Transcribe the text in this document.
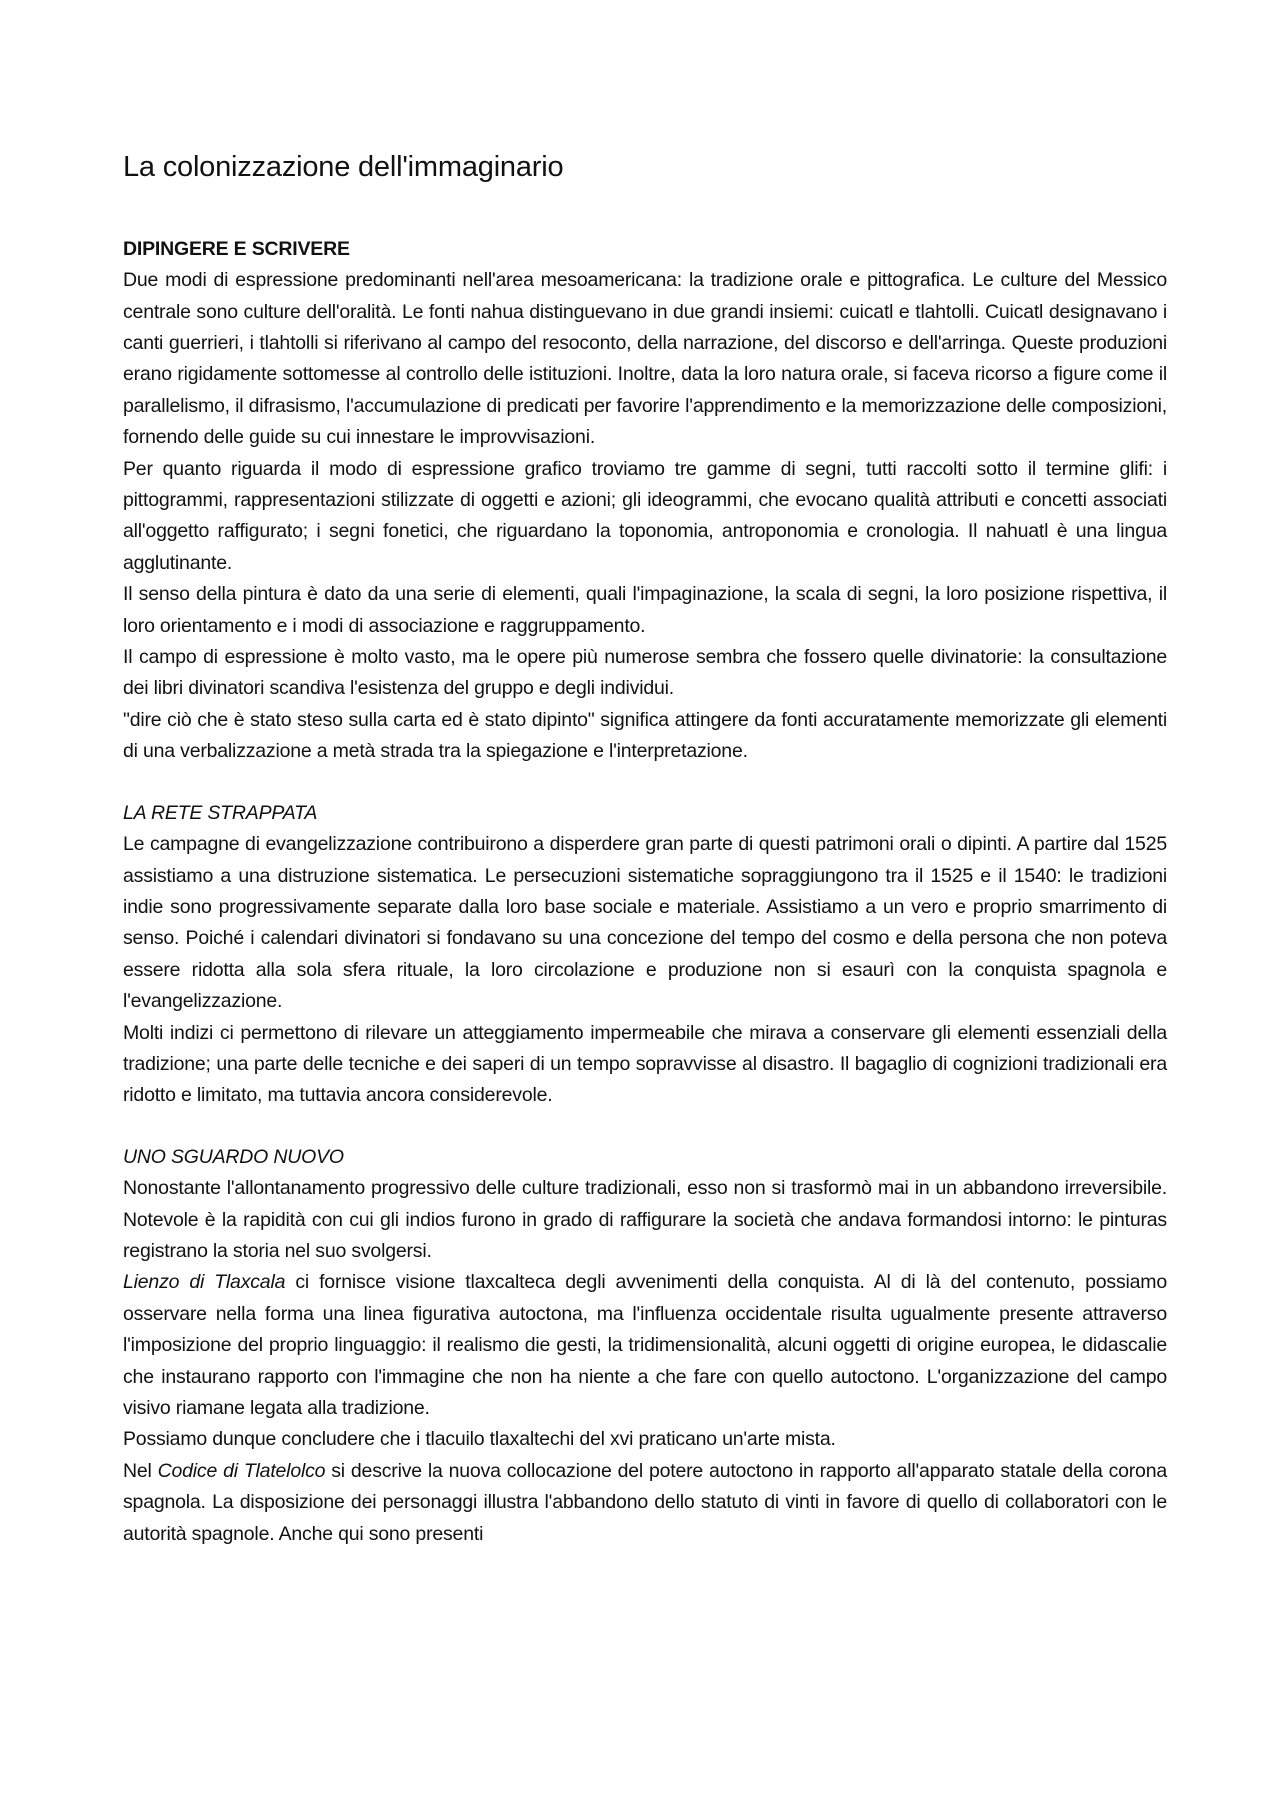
La colonizzazione dell'immaginario

DIPINGERE E SCRIVERE

Due modi di espressione predominanti nell'area mesoamericana: la tradizione orale e pittografica. Le culture del Messico centrale sono culture dell'oralità. Le fonti nahua distinguevano in due grandi insiemi: cuicatl e tlahtolli. Cuicatl designavano i canti guerrieri, i tlahtolli si riferivano al campo del resoconto, della narrazione, del discorso e dell'arringa. Queste produzioni erano rigidamente sottomesse al controllo delle istituzioni. Inoltre, data la loro natura orale, si faceva ricorso a figure come il parallelismo, il difrasismo, l'accumulazione di predicati per favorire l'apprendimento e la memorizzazione delle composizioni, fornendo delle guide su cui innestare le improvvisazioni.

Per quanto riguarda il modo di espressione grafico troviamo tre gamme di segni, tutti raccolti sotto il termine glifi: i pittogrammi, rappresentazioni stilizzate di oggetti e azioni; gli ideogrammi, che evocano qualità attributi e concetti associati all'oggetto raffigurato; i segni fonetici, che riguardano la toponomia, antroponomia e cronologia. Il nahuatl è una lingua agglutinante.

Il senso della pintura è dato da una serie di elementi, quali l'impaginazione, la scala di segni, la loro posizione rispettiva, il loro orientamento e i modi di associazione e raggruppamento.

Il campo di espressione è molto vasto, ma le opere più numerose sembra che fossero quelle divinatorie: la consultazione dei libri divinatori scandiva l'esistenza del gruppo e degli individui.

"dire ciò che è stato steso sulla carta ed è stato dipinto" significa attingere da fonti accuratamente memorizzate gli elementi di una verbalizzazione a metà strada tra la spiegazione e l'interpretazione.

LA RETE STRAPPATA

Le campagne di evangelizzazione contribuirono a disperdere gran parte di questi patrimoni orali o dipinti. A partire dal 1525 assistiamo a una distruzione sistematica. Le persecuzioni sistematiche sopraggiungono tra il 1525 e il 1540: le tradizioni indie sono progressivamente separate dalla loro base sociale e materiale. Assistiamo a un vero e proprio smarrimento di senso. Poiché i calendari divinatori si fondavano su una concezione del tempo del cosmo e della persona che non poteva essere ridotta alla sola sfera rituale, la loro circolazione e produzione non si esaurì con la conquista spagnola e l'evangelizzazione.

Molti indizi ci permettono di rilevare un atteggiamento impermeabile che mirava a conservare gli elementi essenziali della tradizione; una parte delle tecniche e dei saperi di un tempo sopravvisse al disastro. Il bagaglio di cognizioni tradizionali era ridotto e limitato, ma tuttavia ancora considerevole.

UNO SGUARDO NUOVO

Nonostante l'allontanamento progressivo delle culture tradizionali, esso non si trasformò mai in un abbandono irreversibile. Notevole è la rapidità con cui gli indios furono in grado di raffigurare la società che andava formandosi intorno: le pinturas registrano la storia nel suo svolgersi.

Lienzo di Tlaxcala ci fornisce visione tlaxcalteca degli avvenimenti della conquista. Al di là del contenuto, possiamo osservare nella forma una linea figurativa autoctona, ma l'influenza occidentale risulta ugualmente presente attraverso l'imposizione del proprio linguaggio: il realismo die gesti, la tridimensionalità, alcuni oggetti di origine europea, le didascalie che instaurano rapporto con l'immagine che non ha niente a che fare con quello autoctono. L'organizzazione del campo visivo riamane legata alla tradizione.

Possiamo dunque concludere che i tlacuilo tlaxaltechi del xvi praticano un'arte mista.

Nel Codice di Tlatelolco si descrive la nuova collocazione del potere autoctono in rapporto all'apparato statale della corona spagnola. La disposizione dei personaggi illustra l'abbandono dello statuto di vinti in favore di quello di collaboratori con le autorità spagnole. Anche qui sono presenti
